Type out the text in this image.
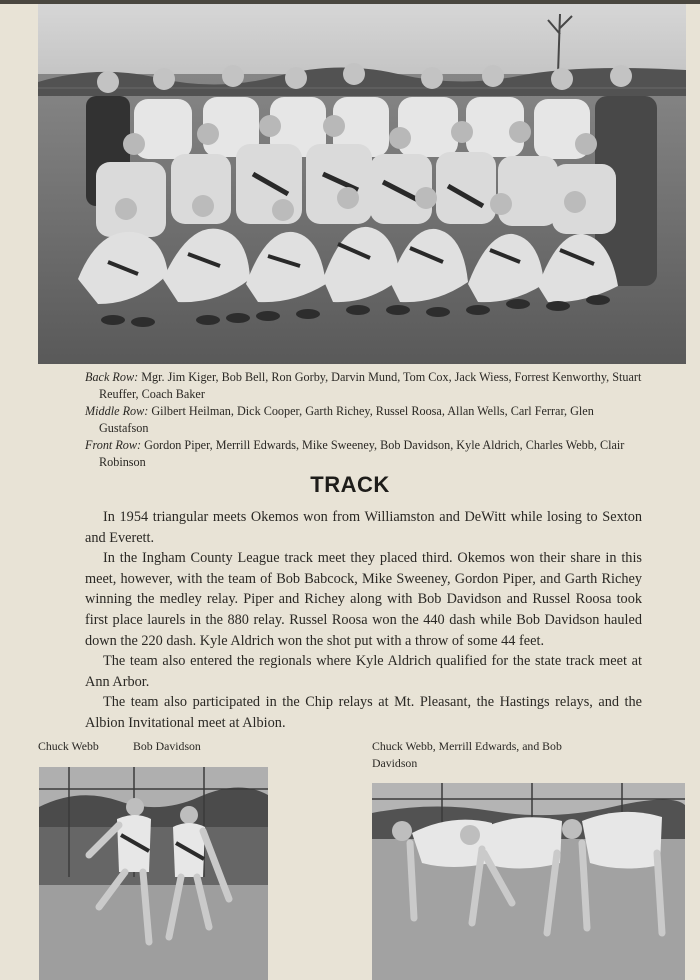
Back Row: Mgr. Jim Kiger, Bob Bell, Ron Gorby, Darvin Mund, Tom Cox, Jack Wiess, Forrest Kenworthy, Stuart Reuffer, Coach Baker

Middle Row: Gilbert Heilman, Dick Cooper, Garth Richey, Russel Roosa, Allan Wells, Carl Ferrar, Glen Gustafson

Front Row: Gordon Piper, Merrill Edwards, Mike Sweeney, Bob Davidson, Kyle Aldrich, Charles Webb, Clair Robinson

TRACK

In 1954 triangular meets Okemos won from Williamston and DeWitt while losing to Sexton and Everett.

In the Ingham County League track meet they placed third. Okemos won their share in this meet, however, with the team of Bob Babcock, Mike Sweeney, Gordon Piper, and Garth Richey winning the medley relay. Piper and Richey along with Bob Davidson and Russel Roosa took first place laurels in the 880 relay. Russel Roosa won the 440 dash while Bob Davidson hauled down the 220 dash. Kyle Aldrich won the shot put with a throw of some 44 feet.

The team also entered the regionals where Kyle Aldrich qualified for the state track meet at Ann Arbor.

The team also participated in the Chip relays at Mt. Pleasant, the Hastings relays, and the Albion Invitational meet at Albion.

Chuck Webb	Bob Davidson	Chuck Webb, Merrill Edwards, and Bob Davidson
